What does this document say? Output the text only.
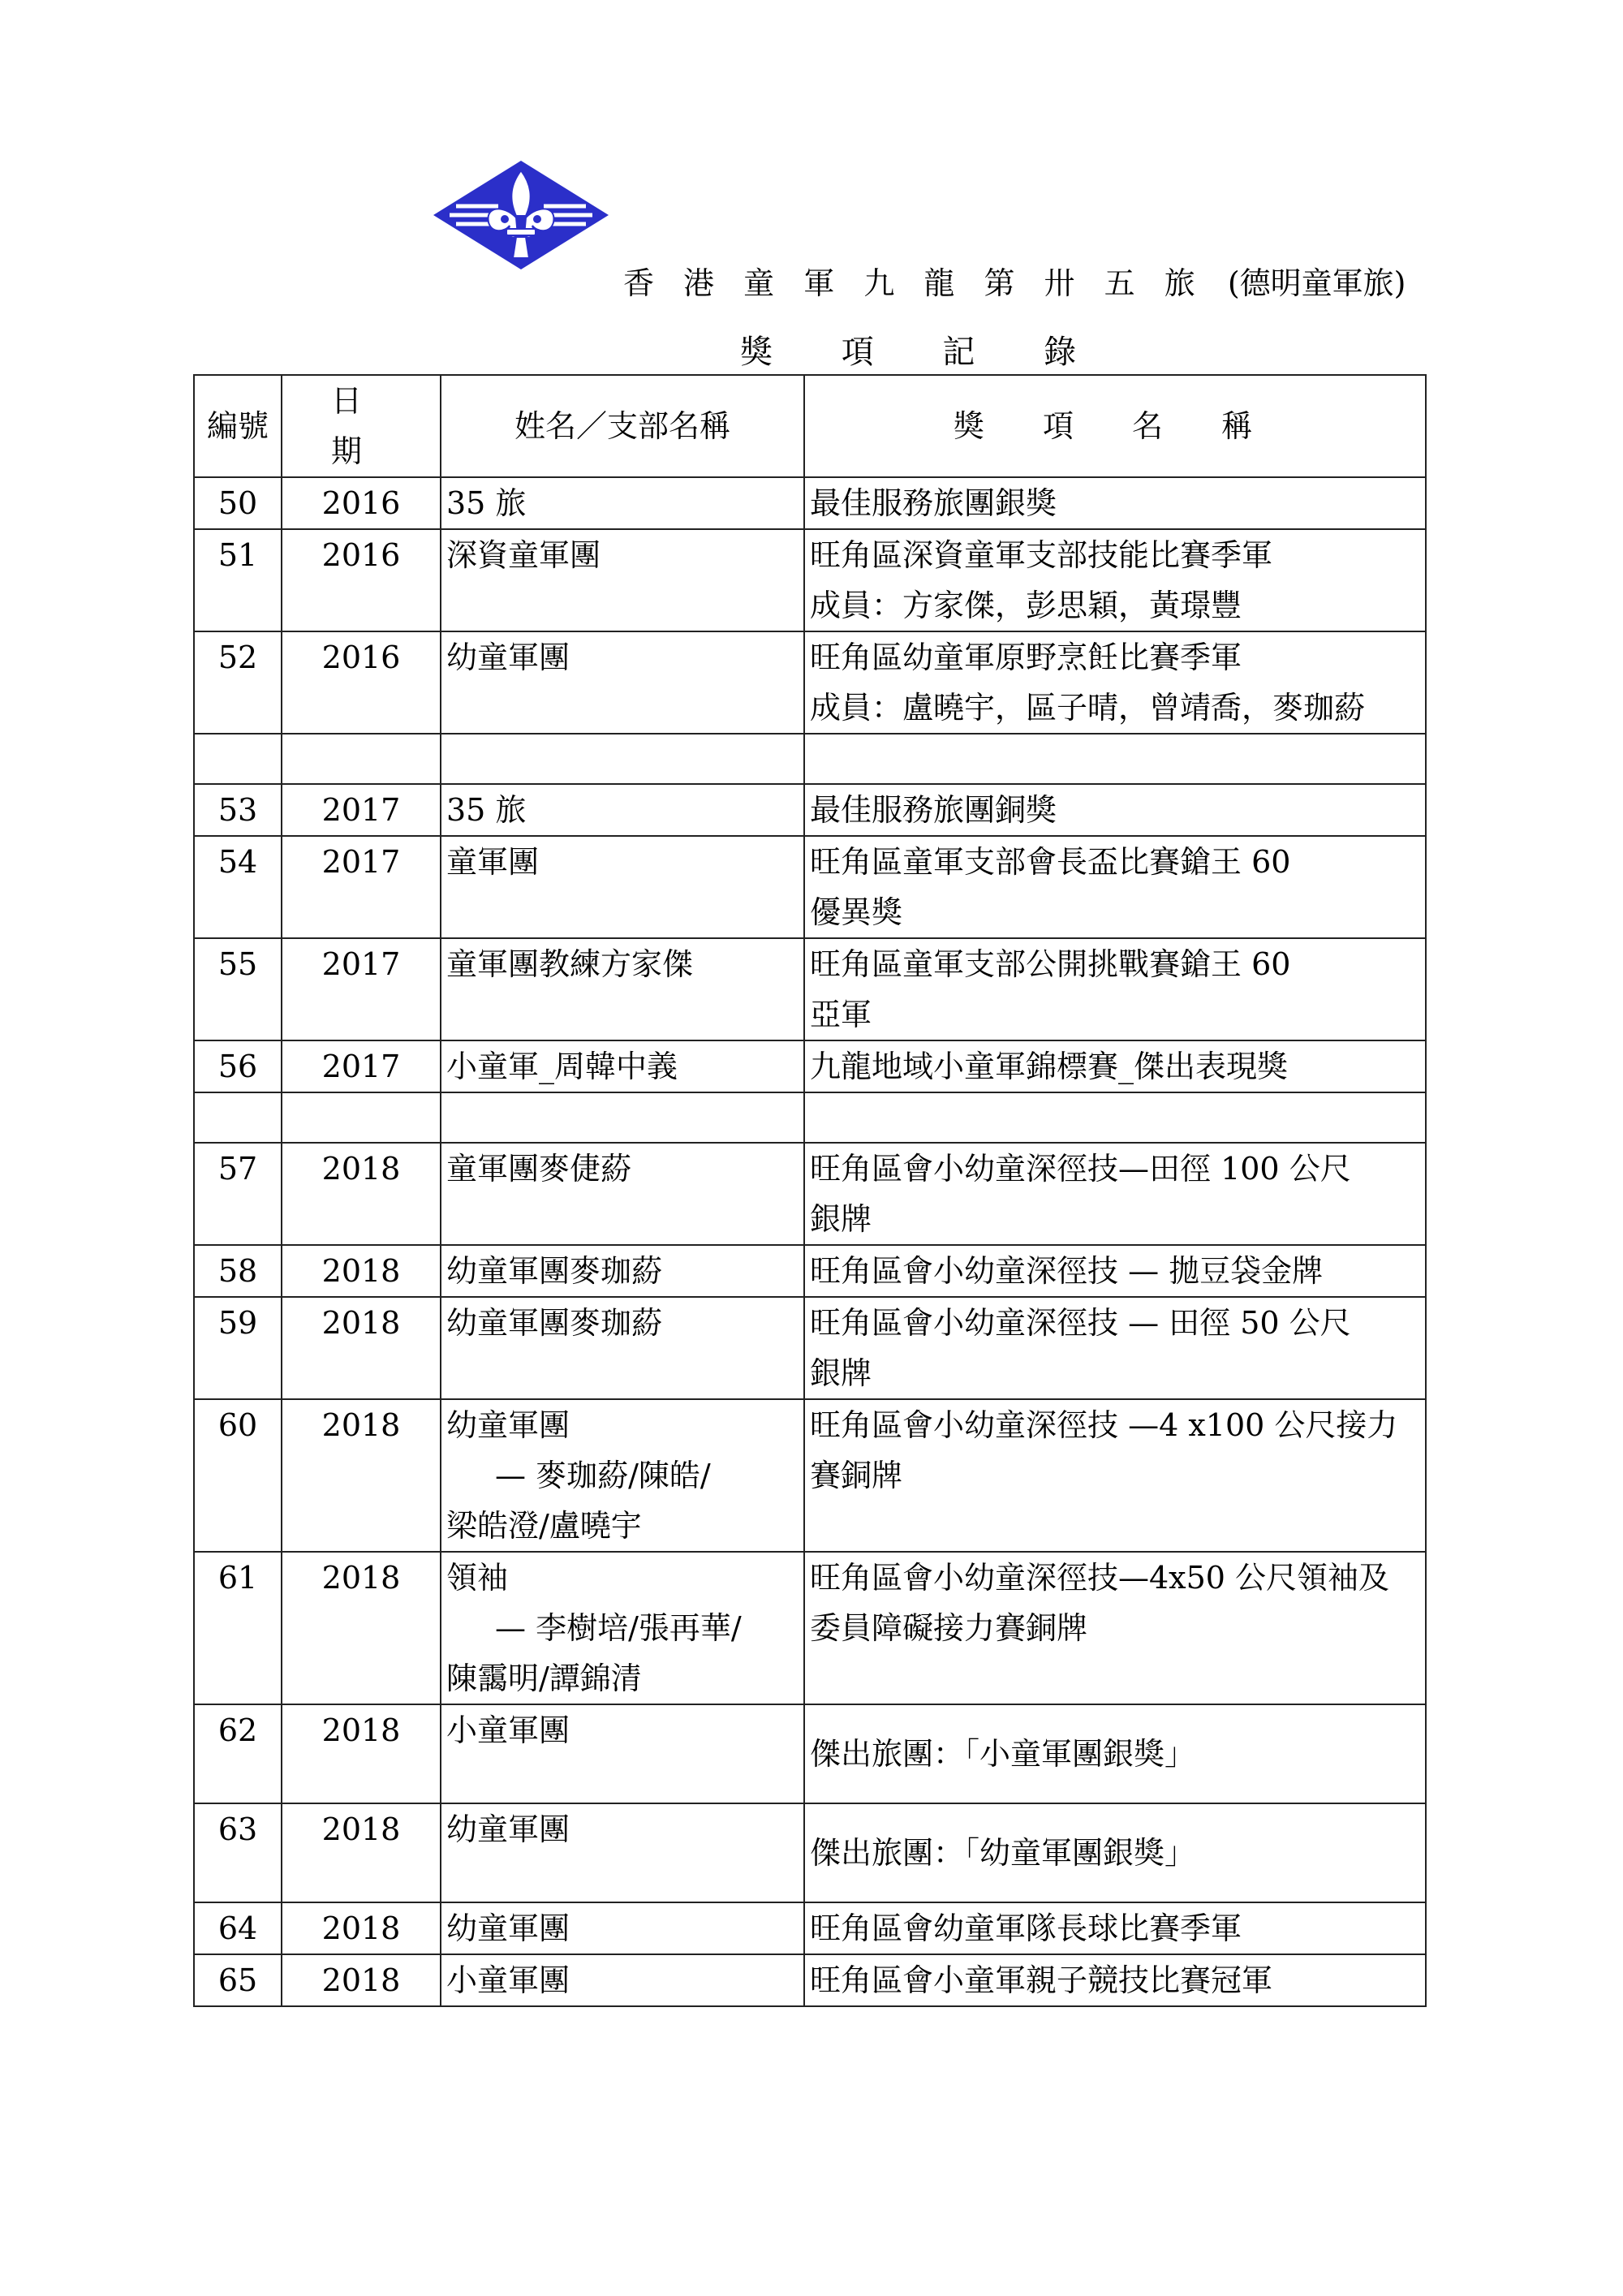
香 港 童 軍 九 龍 第 卅 五 旅 (德明童軍旅)
獎 項 記 錄
編號	日 期	姓名／支部名稱	獎 項 名 稱
50	2016	35 旅	最佳服務旅團銀獎

51	2016	深資童軍團	旺角區深資童軍支部技能比賽季軍
成員：方家傑，彭思穎，黃璟豐

52	2016	幼童軍團	旺角區幼童軍原野烹飪比賽季軍
成員：盧曉宇，區子晴，曾靖喬，麥珈蒶

53	2017	35 旅	最佳服務旅團銅獎

54	2017	童軍團	旺角區童軍支部會長盃比賽鎗王 60
優異獎

55	2017	童軍團教練方家傑	旺角區童軍支部公開挑戰賽鎗王 60
亞軍

56	2017	小童軍_周韓中義	九龍地域小童軍錦標賽_傑出表現獎

57	2018	童軍團麥倢蒶	旺角區會小幼童深徑技—田徑 100 公尺
銀牌

58	2018	幼童軍團麥珈蒶	旺角區會小幼童深徑技 — 拋豆袋金牌

59	2018	幼童軍團麥珈蒶	旺角區會小幼童深徑技 — 田徑 50 公尺
銀牌

60	2018	幼童軍團
— 麥珈蒶/陳皓/
梁皓澄/盧曉宇	旺角區會小幼童深徑技 —4 x100 公尺接力
賽銅牌

61	2018	領袖
— 李樹培/張再華/
陳靄明/譚錦清	旺角區會小幼童深徑技—4x50 公尺領袖及
委員障礙接力賽銅牌

62	2018	小童軍團	傑出旅團：「小童軍團銀獎」

63	2018	幼童軍團	傑出旅團：「幼童軍團銀獎」

64	2018	幼童軍團	旺角區會幼童軍隊長球比賽季軍

65	2018	小童軍團	旺角區會小童軍親子競技比賽冠軍
